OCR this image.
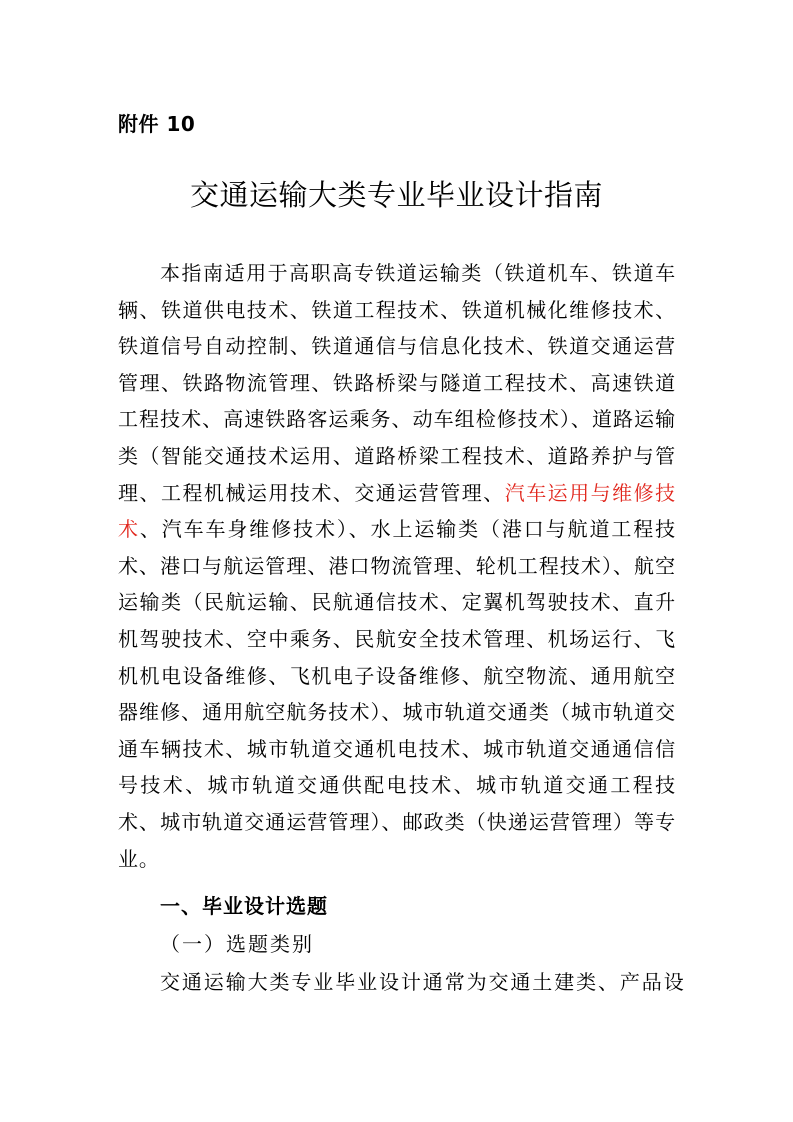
附件 10
交通运输大类专业毕业设计指南
本指南适用于高职高专铁道运输类（铁道机车、铁道车辆、铁道供电技术、铁道工程技术、铁道机械化维修技术、铁道信号自动控制、铁道通信与信息化技术、铁道交通运营管理、铁路物流管理、铁路桥梁与隧道工程技术、高速铁道工程技术、高速铁路客运乘务、动车组检修技术）、道路运输类（智能交通技术运用、道路桥梁工程技术、道路养护与管理、工程机械运用技术、交通运营管理、汽车运用与维修技术、汽车车身维修技术）、水上运输类（港口与航道工程技术、港口与航运管理、港口物流管理、轮机工程技术）、航空运输类（民航运输、民航通信技术、定翼机驾驶技术、直升机驾驶技术、空中乘务、民航安全技术管理、机场运行、飞机机电设备维修、飞机电子设备维修、航空物流、通用航空器维修、通用航空航务技术）、城市轨道交通类（城市轨道交通车辆技术、城市轨道交通机电技术、城市轨道交通通信信号技术、城市轨道交通供配电技术、城市轨道交通工程技术、城市轨道交通运营管理）、邮政类（快递运营管理）等专业。
一、毕业设计选题
（一）选题类别
交通运输大类专业毕业设计通常为交通土建类、产品设
